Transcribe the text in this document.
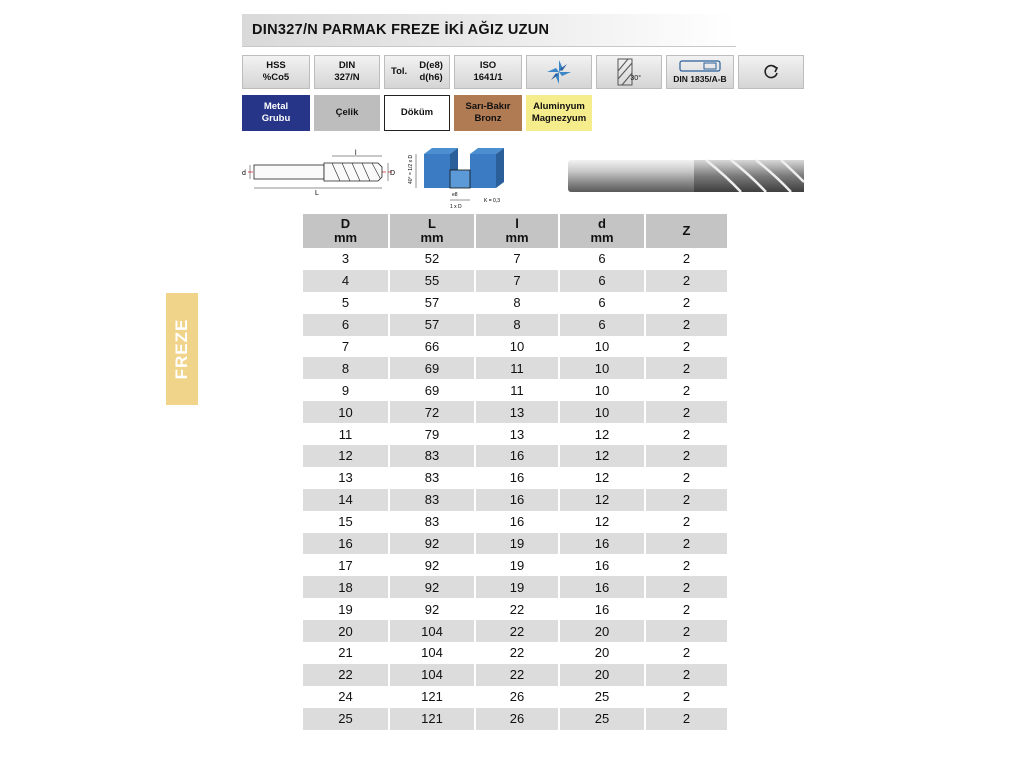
DIN327/N PARMAK FREZE İKİ AĞIZ UZUN
HSS
%Co5
DIN
327/N
Tol.
D(e8)
d(h6)
ISO
1641/1	30°	DIN 1835/A-B
Metal
Grubu
Çelik	Döküm
Sarı-Bakır
Bronz
Aluminyum
Magnezyum
d	D
l
L
40° = 1/2 x D
e8
1 x D
K = 0,3
FREZE
D
mm	L
mm	l
mm	d
mm	Z

3	52	7	6	2
4	55	7	6	2
5	57	8	6	2
6	57	8	6	2
7	66	10	10	2
8	69	11	10	2
9	69	11	10	2
10	72	13	10	2
11	79	13	12	2
12	83	16	12	2
13	83	16	12	2
14	83	16	12	2
15	83	16	12	2
16	92	19	16	2
17	92	19	16	2
18	92	19	16	2
19	92	22	16	2
20	104	22	20	2
21	104	22	20	2
22	104	22	20	2
24	121	26	25	2
25	121	26	25	2
